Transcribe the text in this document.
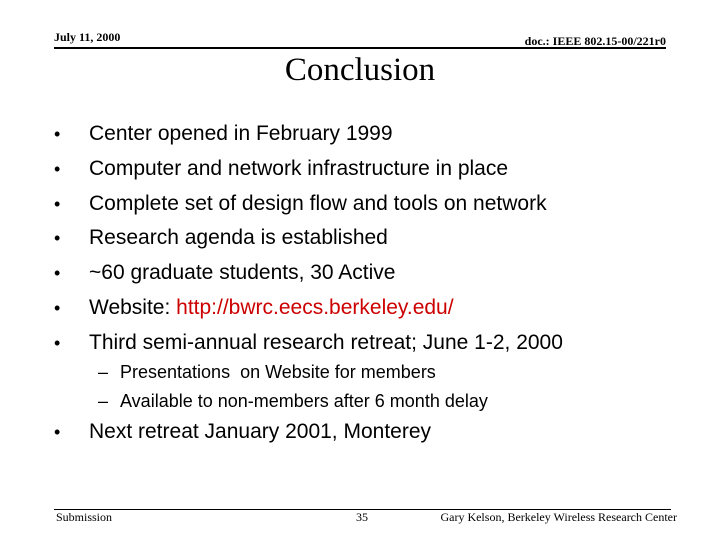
July 11, 2000	doc.: IEEE 802.15-00/221r0
Conclusion
• Center opened in February 1999
• Computer and network infrastructure in place
• Complete set of design flow and tools on network
• Research agenda is established
• ~60 graduate students, 30 Active
• Website: http://bwrc.eecs.berkeley.edu/
• Third semi-annual research retreat; June 1-2, 2000
– Presentations  on Website for members
– Available to non-members after 6 month delay
• Next retreat January 2001, Monterey
Submission	35	Gary Kelson, Berkeley Wireless Research Center
